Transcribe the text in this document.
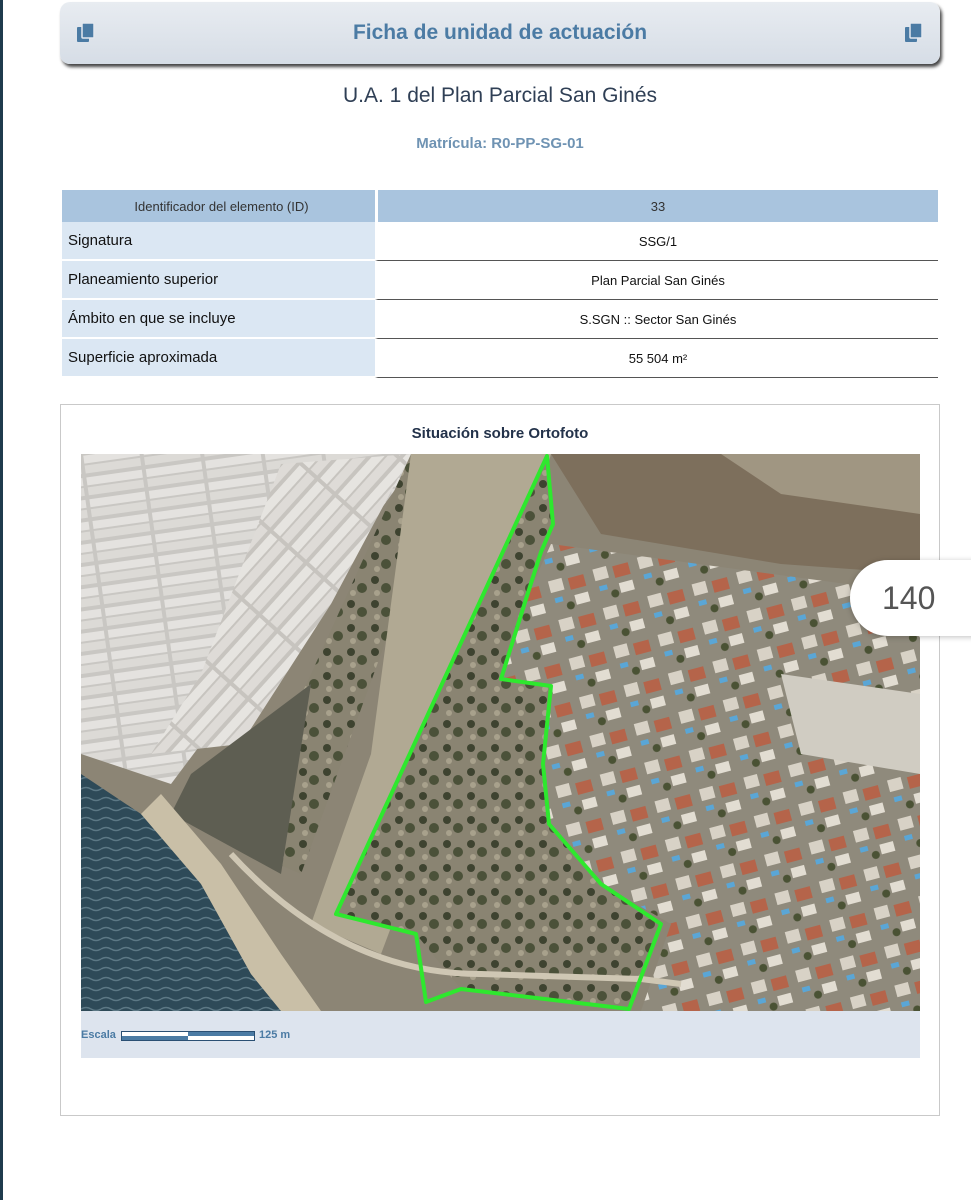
Ficha de unidad de actuación
U.A. 1 del Plan Parcial San Ginés
Matrícula: R0-PP-SG-01
Identificador del elemento (ID)	33
Signatura	SSG/1
Planeamiento superior	Plan Parcial San Ginés
Ámbito en que se incluye	S.SGN :: Sector San Ginés
Superficie aproximada	55 504 m²
Situación sobre Ortofoto
Escala	125 m
140
